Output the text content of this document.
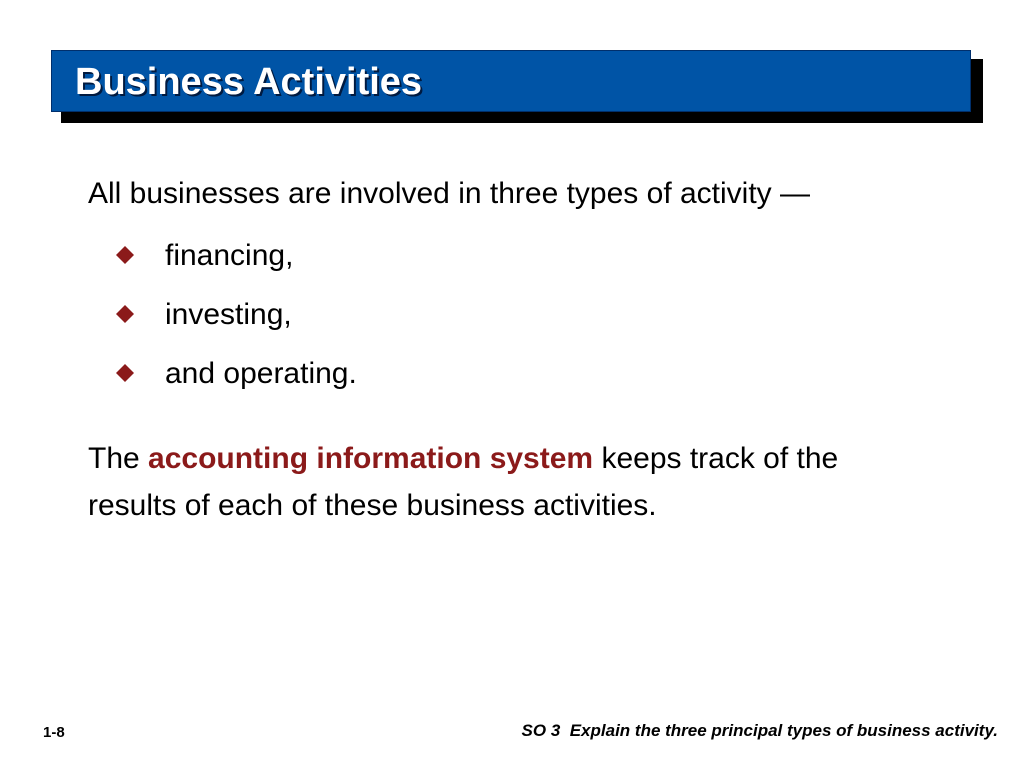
Business Activities
All businesses are involved in three types of activity —
financing,
investing,
and operating.
The accounting information system keeps track of the results of each of these business activities.
1-8	SO 3  Explain the three principal types of business activity.
